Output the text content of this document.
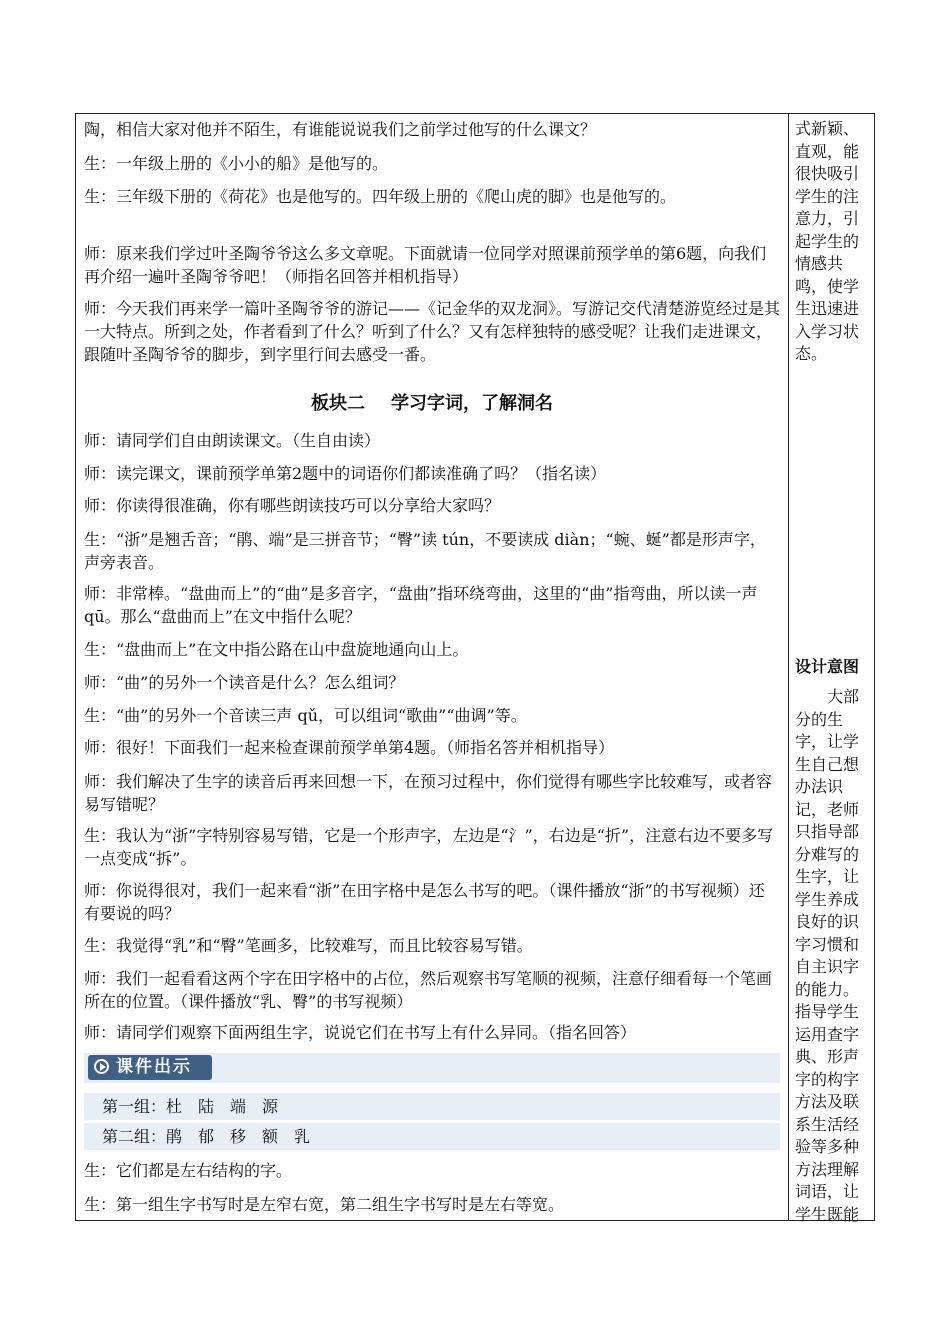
陶，相信大家对他并不陌生，有谁能说说我们之前学过他写的什么课文？

生：一年级上册的《小小的船》是他写的。

生：三年级下册的《荷花》也是他写的。四年级上册的《爬山虎的脚》也是他写的。

师：原来我们学过叶圣陶爷爷这么多文章呢。下面就请一位同学对照课前预学单的第6题，向我们再介绍一遍叶圣陶爷爷吧！（师指名回答并相机指导）

师：今天我们再来学一篇叶圣陶爷爷的游记——《记金华的双龙洞》。写游记交代清楚游览经过是其一大特点。所到之处，作者看到了什么？听到了什么？又有怎样独特的感受呢？让我们走进课文，跟随叶圣陶爷爷的脚步，到字里行间去感受一番。

板块二 学习字词，了解洞名

师：请同学们自由朗读课文。（生自由读）

师：读完课文，课前预学单第2题中的词语你们都读准确了吗？（指名读）

师：你读得很准确，你有哪些朗读技巧可以分享给大家吗？

生：“浙”是翘舌音；“鹃、端”是三拼音节；“臀”读 tún，不要读成 diàn；“蜿、蜒”都是形声字，声旁表音。

师：非常棒。“盘曲而上”的“曲”是多音字，“盘曲”指环绕弯曲，这里的“曲”指弯曲，所以读一声 qū。那么“盘曲而上”在文中指什么呢？

生：“盘曲而上”在文中指公路在山中盘旋地通向山上。

师：“曲”的另外一个读音是什么？怎么组词？

生：“曲”的另外一个音读三声 qǔ，可以组词“歌曲”“曲调”等。

师：很好！下面我们一起来检查课前预学单第4题。（师指名答并相机指导）

师：我们解决了生字的读音后再来回想一下，在预习过程中，你们觉得有哪些字比较难写，或者容易写错呢？

生：我认为“浙”字特别容易写错，它是一个形声字，左边是“氵”，右边是“折”，注意右边不要多写一点变成“拆”。

师：你说得很对，我们一起来看“浙”在田字格中是怎么书写的吧。（课件播放“浙”的书写视频）还有要说的吗？

生：我觉得“乳”和“臀”笔画多，比较难写，而且比较容易写错。

师：我们一起看看这两个字在田字格中的占位，然后观察书写笔顺的视频，注意仔细看每一个笔画所在的位置。（课件播放“乳、臀”的书写视频）

师：请同学们观察下面两组生字，说说它们在书写上有什么异同。（指名回答）

课件出示
第一组：杜　陆　端　源
第二组：鹃　郁　移　额　乳

生：它们都是左右结构的字。

生：第一组生字书写时是左窄右宽，第二组生字书写时是左右等宽。

式新颖、直观，能很快吸引学生的注意力，引起学生的情感共鸣，使学生迅速进入学习状态。

设计意图

大部分的生字，让学生自己想办法识记，老师只指导部分难写的生字，让学生养成良好的识字习惯和自主识字的能力。指导学生运用查字典、形声字的构字方法及联系生活经验等多种方法理解词语，让学生既能
